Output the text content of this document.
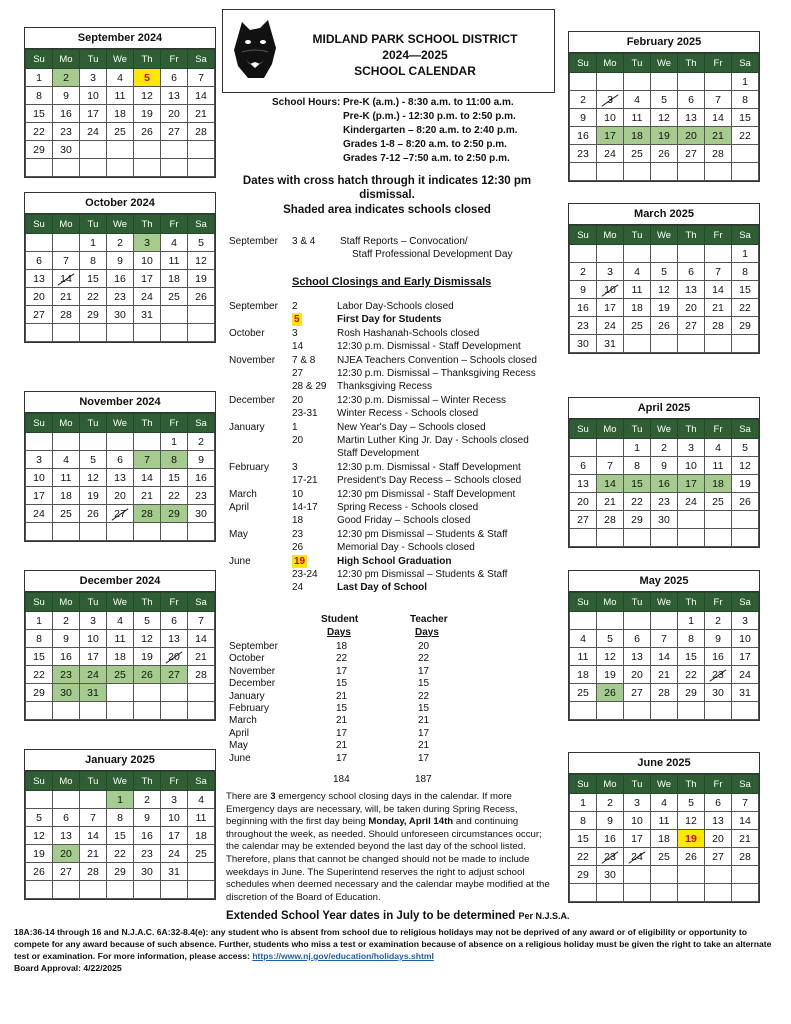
September 2024
Su	Mo	Tu	We	Th	Fr	Sa
1	2	3	4	5	6	7
8	9	10	11	12	13	14
15	16	17	18	19	20	21
22	23	24	25	26	27	28
29	30					

October 2024
Su	Mo	Tu	We	Th	Fr	Sa
		1	2	3	4	5
6	7	8	9	10	11	12
13	14	15	16	17	18	19
20	21	22	23	24	25	26
27	28	29	30	31		

November 2024
Su	Mo	Tu	We	Th	Fr	Sa
					1	2
3	4	5	6	7	8	9
10	11	12	13	14	15	16
17	18	19	20	21	22	23
24	25	26	27	28	29	30

December 2024
Su	Mo	Tu	We	Th	Fr	Sa
1	2	3	4	5	6	7
8	9	10	11	12	13	14
15	16	17	18	19	20	21
22	23	24	25	26	27	28
29	30	31				

January 2025
Su	Mo	Tu	We	Th	Fr	Sa
			1	2	3	4
5	6	7	8	9	10	11
12	13	14	15	16	17	18
19	20	21	22	23	24	25
26	27	28	29	30	31	

February 2025
Su	Mo	Tu	We	Th	Fr	Sa
						1
2	3	4	5	6	7	8
9	10	11	12	13	14	15
16	17	18	19	20	21	22
23	24	25	26	27	28	

March 2025
Su	Mo	Tu	We	Th	Fr	Sa
						1
2	3	4	5	6	7	8
9	10	11	12	13	14	15
16	17	18	19	20	21	22
23	24	25	26	27	28	29
30	31					
April 2025
Su	Mo	Tu	We	Th	Fr	Sa
		1	2	3	4	5
6	7	8	9	10	11	12
13	14	15	16	17	18	19
20	21	22	23	24	25	26
27	28	29	30			

May 2025
Su	Mo	Tu	We	Th	Fr	Sa
				1	2	3
4	5	6	7	8	9	10
11	12	13	14	15	16	17
18	19	20	21	22	23	24
25	26	27	28	29	30	31

June 2025
Su	Mo	Tu	We	Th	Fr	Sa
1	2	3	4	5	6	7
8	9	10	11	12	13	14
15	16	17	18	19	20	21
22	23	24	25	26	27	28
29	30					

MIDLAND PARK SCHOOL DISTRICT
2024—2025
SCHOOL CALENDAR
School Hours: Pre-K (a.m.) - 8:30 a.m. to 11:00 a.m.
Pre-K (p.m.) - 12:30 p.m. to 2:50 p.m.
Kindergarten – 8:20 a.m. to 2:40 p.m.
Grades 1-8 – 8:20 a.m. to 2:50 p.m.
Grades 7-12 –7:50 a.m. to 2:50 p.m.
Dates with cross hatch through it indicates 12:30 pm
dismissal.
Shaded area indicates schools closed
September 3 & 4 Staff Reports – Convocation/
Staff Professional Development Day
School Closings and Early Dismissals
September 2	Labor Day-Schools closed
5	First Day for Students
October	3	Rosh Hashanah-Schools closed
14	12:30 p.m. Dismissal - Staff Development
November 7 & 8 NJEA Teachers Convention – Schools closed
27	12:30 p.m. Dismissal – Thanksgiving Recess
28 & 29 Thanksgiving Recess
December 20	12:30 p.m. Dismissal – Winter Recess
23-31 Winter Recess - Schools closed
January	1	New Year's Day – Schools closed
20	Martin Luther King Jr. Day - Schools closed
Staff Development
February 3	12:30 p.m. Dismissal - Staff Development
17-21 President's Day Recess – Schools closed
March	10	12:30 pm Dismissal - Staff Development
April	14-17 Spring Recess - Schools closed
18	Good Friday – Schools closed
May	23	12:30 pm Dismissal – Students & Staff
26	Memorial Day - Schools closed
June	19	High School Graduation
23-24 12:30 pm Dismissal – Students & Staff
24	Last Day of School
Student
Days
Teacher
Days
September	18	20
October	22	22
November	17	17
December	15	15
January	21	22
February	15	15
March	21	21
April	17	17
May	21	21
June	17	17
184	187
There are 3 emergency school closing days in the calendar. If more Emergency days are necessary, will, be taken during Spring Recess, beginning with the first day being Monday, April 14th and continuing throughout the week, as needed. Should unforeseen circumstances occur; the calendar may be extended beyond the last day of the school listed. Therefore, plans that cannot be changed should not be made to include weekdays in June. The Superintend reserves the right to adjust school schedules when deemed necessary and the calendar maybe modified at the discretion of the Board of Education.
Extended School Year dates in July to be determined Per N.J.S.A.
18A:36-14 through 16 and N.J.A.C. 6A:32-8.4(e): any student who is absent from school due to religious holidays may not be deprived of any award or of eligibility or opportunity to compete for any award because of such absence. Further, students who miss a test or examination because of absence on a religious holiday must be given the right to take an alternate test or examination. For more information, please access: https://www.nj.gov/education/holidays.shtml
Board Approval: 4/22/2025
